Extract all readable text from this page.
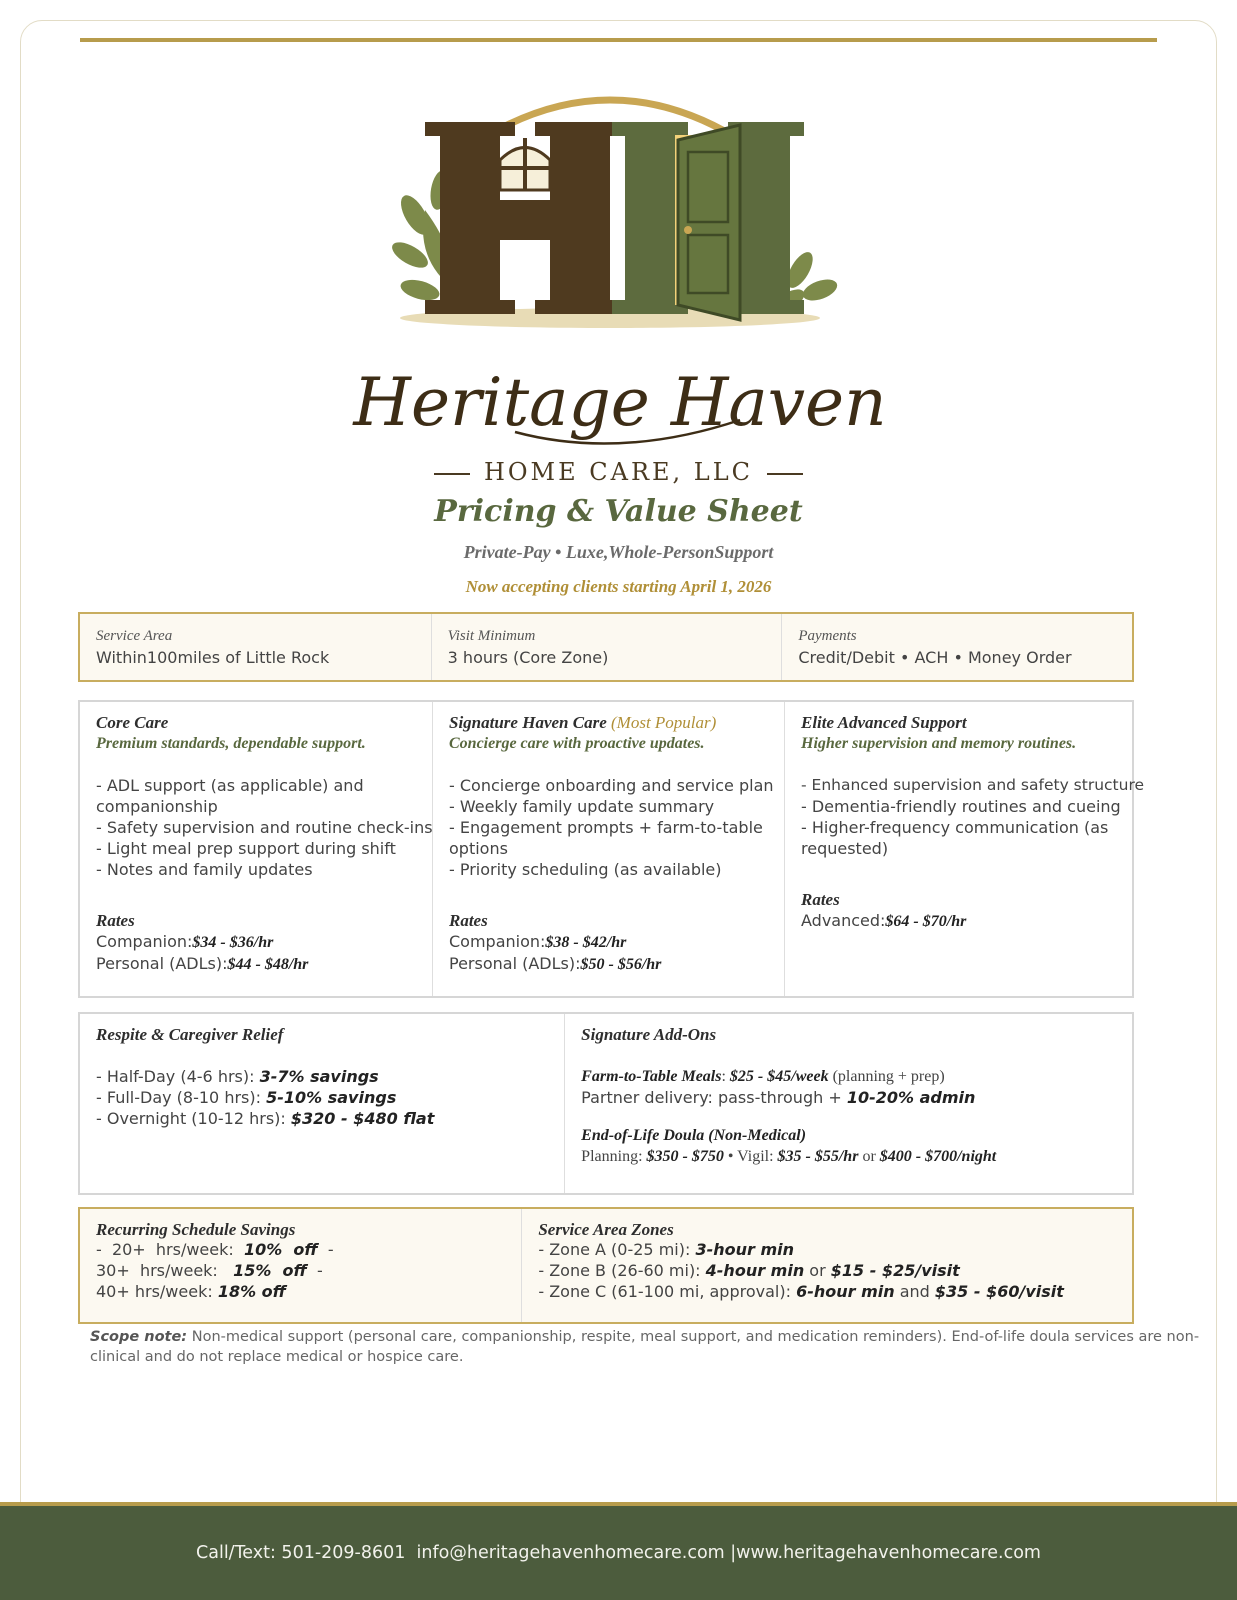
Heritage Haven
HOME CARE, LLC
Pricing & Value Sheet
Private-Pay • Luxe,Whole-PersonSupport
Now accepting clients starting April 1, 2026
Service Area
Within100miles of Little Rock
Visit Minimum
3 hours (Core Zone)
Payments
Credit/Debit • ACH • Money Order
Core Care
Premium standards, dependable support.
- ADL support (as applicable) and
companionship
- Safety supervision and routine check-ins
- Light meal prep support during shift
- Notes and family updates
Rates
Companion:$34 - $36/hr
Personal (ADLs):$44 - $48/hr
Signature Haven Care (Most Popular)
Concierge care with proactive updates.
- Concierge onboarding and service plan
- Weekly family update summary
- Engagement prompts + farm-to-table
options
- Priority scheduling (as available)
Rates
Companion:$38 - $42/hr
Personal (ADLs):$50 - $56/hr
Elite Advanced Support
Higher supervision and memory routines.
- Enhanced supervision and safety structure
- Dementia-friendly routines and cueing
- Higher-frequency communication (as
requested)
Rates
Advanced:$64 - $70/hr
Respite & Caregiver Relief
- Half-Day (4-6 hrs): 3-7% savings
- Full-Day (8-10 hrs): 5-10% savings
- Overnight (10-12 hrs): $320 - $480 flat
Signature Add-Ons
Farm-to-Table Meals: $25 - $45/week (planning + prep)
Partner delivery: pass-through + 10-20% admin
End-of-Life Doula (Non-Medical)
Planning: $350 - $750 • Vigil: $35 - $55/hr or $400 - $700/night
Recurring Schedule Savings
-  20+  hrs/week:  10%  off  -
30+  hrs/week:   15%  off  -
40+ hrs/week: 18% off
Service Area Zones
- Zone A (0-25 mi): 3-hour min
- Zone B (26-60 mi): 4-hour min or $15 - $25/visit
- Zone C (61-100 mi, approval): 6-hour min and $35 - $60/visit
Scope note: Non-medical support (personal care, companionship, respite, meal support, and medication reminders). End-of-life doula services are non-clinical and do not replace medical or hospice care.
Call/Text: 501-209-8601  info@heritagehavenhomecare.com |www.heritagehavenhomecare.com
